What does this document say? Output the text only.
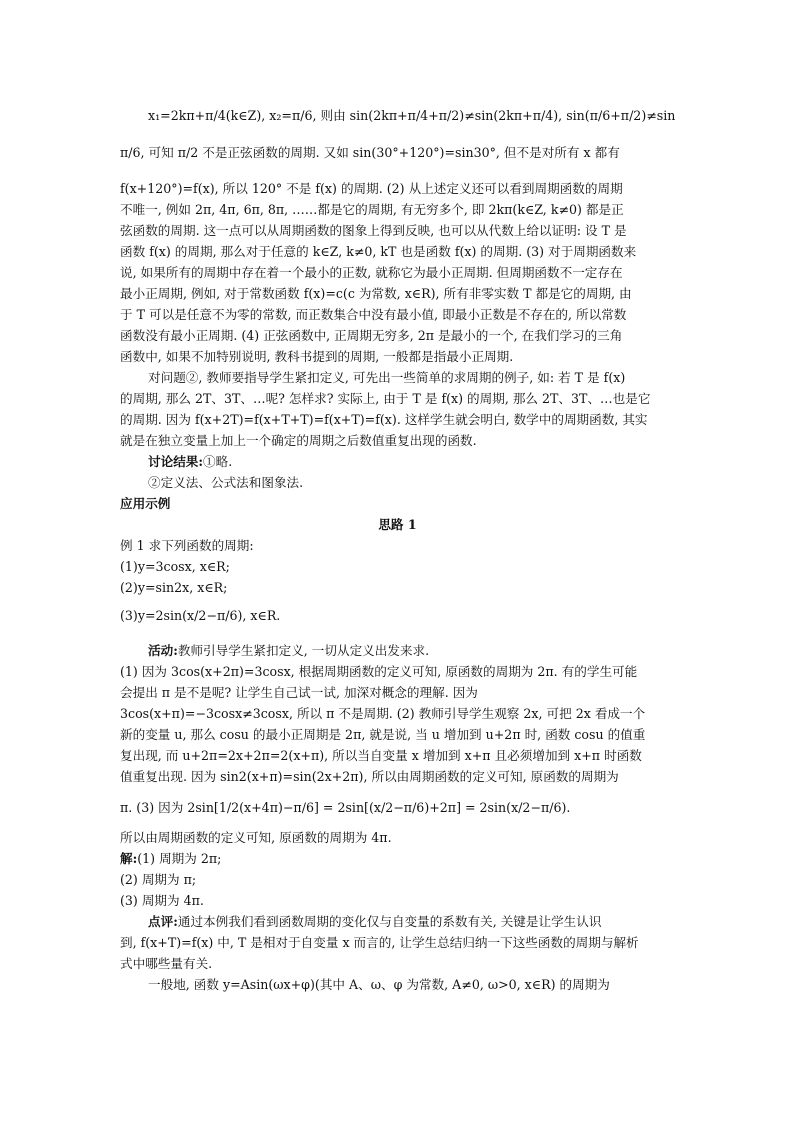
x₁=2kπ+π/4(k∈Z), x₂=π/6, 则由 sin(2kπ+π/4+π/2)≠sin(2kπ+π/4), sin(π/6+π/2)≠sin
π/6, 可知 π/2 不是正弦函数的周期. 又如 sin(30°+120°)=sin30°, 但不是对所有 x 都有
f(x+120°)=f(x), 所以 120° 不是 f(x) 的周期. (2) 从上述定义还可以看到周期函数的周期
不唯一, 例如 2π, 4π, 6π, 8π, ……都是它的周期, 有无穷多个, 即 2kπ(k∈Z, k≠0) 都是正
弦函数的周期. 这一点可以从周期函数的图象上得到反映, 也可以从代数上给以证明: 设 T 是
函数 f(x) 的周期, 那么对于任意的 k∈Z, k≠0, kT 也是函数 f(x) 的周期. (3) 对于周期函数来
说, 如果所有的周期中存在着一个最小的正数, 就称它为最小正周期. 但周期函数不一定存在
最小正周期, 例如, 对于常数函数 f(x)=c(c 为常数, x∈R), 所有非零实数 T 都是它的周期, 由
于 T 可以是任意不为零的常数, 而正数集合中没有最小值, 即最小正数是不存在的, 所以常数
函数没有最小正周期. (4) 正弦函数中, 正周期无穷多, 2π 是最小的一个, 在我们学习的三角
函数中, 如果不加特别说明, 教科书提到的周期, 一般都是指最小正周期.
对问题②, 教师要指导学生紧扣定义, 可先出一些简单的求周期的例子, 如: 若 T 是 f(x)
的周期, 那么 2T、3T、…呢? 怎样求? 实际上, 由于 T 是 f(x) 的周期, 那么 2T、3T、…也是它
的周期. 因为 f(x+2T)=f(x+T+T)=f(x+T)=f(x). 这样学生就会明白, 数学中的周期函数, 其实
就是在独立变量上加上一个确定的周期之后数值重复出现的函数.
讨论结果:①略.
②定义法、公式法和图象法.
应用示例
思路 1
例 1 求下列函数的周期:
(1)y=3cosx, x∈R;
(2)y=sin2x, x∈R;
(3)y=2sin(x/2−π/6), x∈R.
活动:教师引导学生紧扣定义, 一切从定义出发来求.
(1) 因为 3cos(x+2π)=3cosx, 根据周期函数的定义可知, 原函数的周期为 2π. 有的学生可能
会提出 π 是不是呢? 让学生自己试一试, 加深对概念的理解. 因为
3cos(x+π)=−3cosx≠3cosx, 所以 π 不是周期. (2) 教师引导学生观察 2x, 可把 2x 看成一个
新的变量 u, 那么 cosu 的最小正周期是 2π, 就是说, 当 u 增加到 u+2π 时, 函数 cosu 的值重
复出现, 而 u+2π=2x+2π=2(x+π), 所以当自变量 x 增加到 x+π 且必须增加到 x+π 时函数
值重复出现. 因为 sin2(x+π)=sin(2x+2π), 所以由周期函数的定义可知, 原函数的周期为
π. (3) 因为 2sin[1/2(x+4π)−π/6] = 2sin[(x/2−π/6)+2π] = 2sin(x/2−π/6).
所以由周期函数的定义可知, 原函数的周期为 4π.
解:(1) 周期为 2π;
(2) 周期为 π;
(3) 周期为 4π.
点评:通过本例我们看到函数周期的变化仅与自变量的系数有关, 关键是让学生认识
到, f(x+T)=f(x) 中, T 是相对于自变量 x 而言的, 让学生总结归纳一下这些函数的周期与解析
式中哪些量有关.
一般地, 函数 y=Asin(ωx+φ)(其中 A、ω、φ 为常数, A≠0, ω>0, x∈R) 的周期为
